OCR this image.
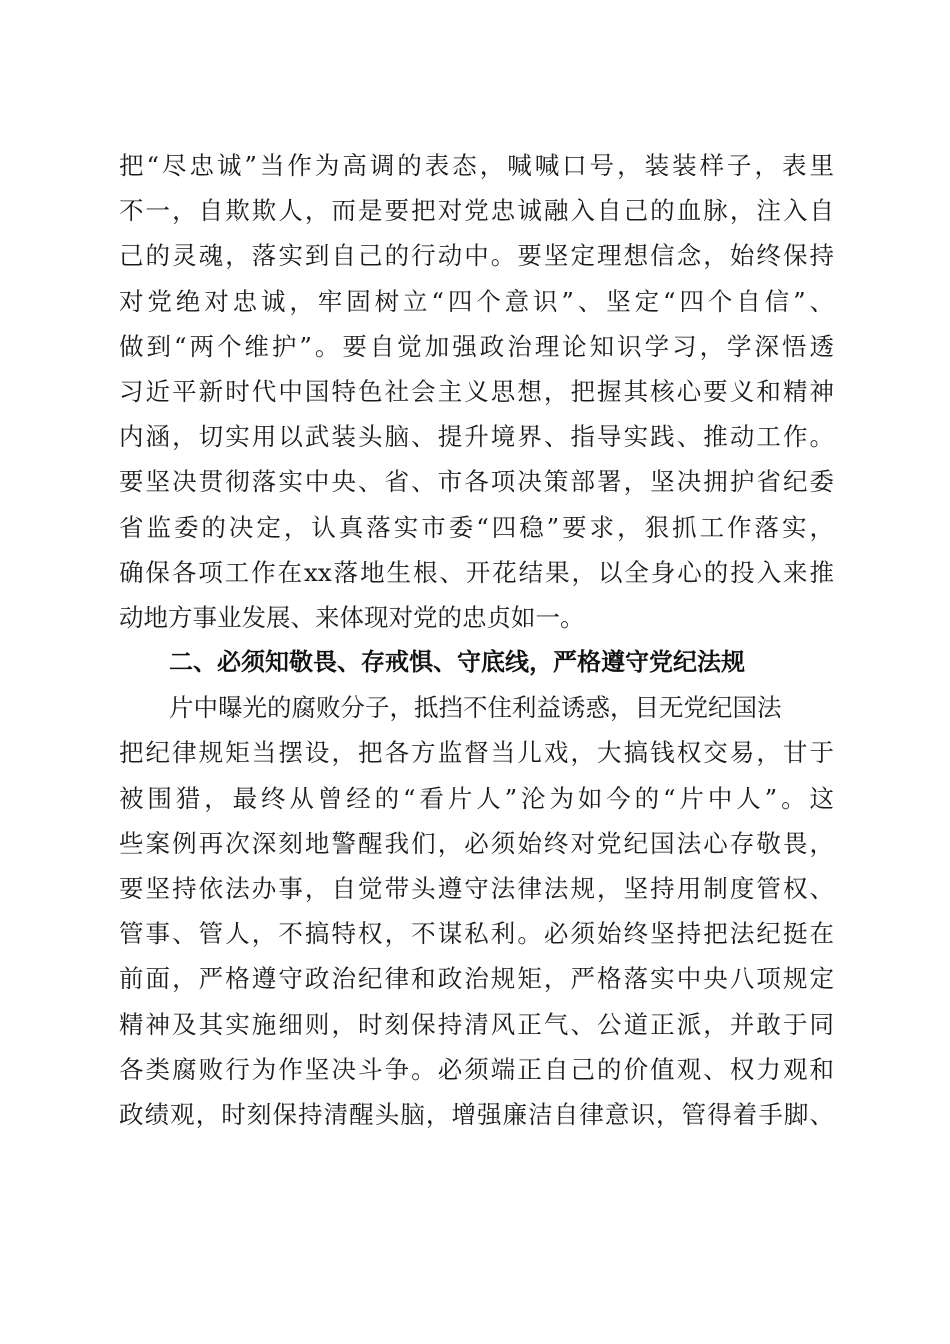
把“尽忠诚”当作为高调的表态，喊喊口号，装装样子，表里
不一，自欺欺人，而是要把对党忠诚融入自己的血脉，注入自
己的灵魂，落实到自己的行动中。要坚定理想信念，始终保持
对党绝对忠诚，牢固树立“四个意识”、坚定“四个自信”、
做到“两个维护”。要自觉加强政治理论知识学习，学深悟透
习近平新时代中国特色社会主义思想，把握其核心要义和精神
内涵，切实用以武装头脑、提升境界、指导实践、推动工作。
要坚决贯彻落实中央、省、市各项决策部署，坚决拥护省纪委
省监委的决定，认真落实市委“四稳”要求，狠抓工作落实，
确保各项工作在xx落地生根、开花结果，以全身心的投入来推
动地方事业发展、来体现对党的忠贞如一。
二、必须知敬畏、存戒惧、守底线，严格遵守党纪法规
片中曝光的腐败分子，抵挡不住利益诱惑，目无党纪国法
把纪律规矩当摆设，把各方监督当儿戏，大搞钱权交易，甘于
被围猎，最终从曾经的“看片人”沦为如今的“片中人”。这
些案例再次深刻地警醒我们，必须始终对党纪国法心存敬畏，
要坚持依法办事，自觉带头遵守法律法规，坚持用制度管权、
管事、管人，不搞特权，不谋私利。必须始终坚持把法纪挺在
前面，严格遵守政治纪律和政治规矩，严格落实中央八项规定
精神及其实施细则，时刻保持清风正气、公道正派，并敢于同
各类腐败行为作坚决斗争。必须端正自己的价值观、权力观和
政绩观，时刻保持清醒头脑，增强廉洁自律意识，管得着手脚、
